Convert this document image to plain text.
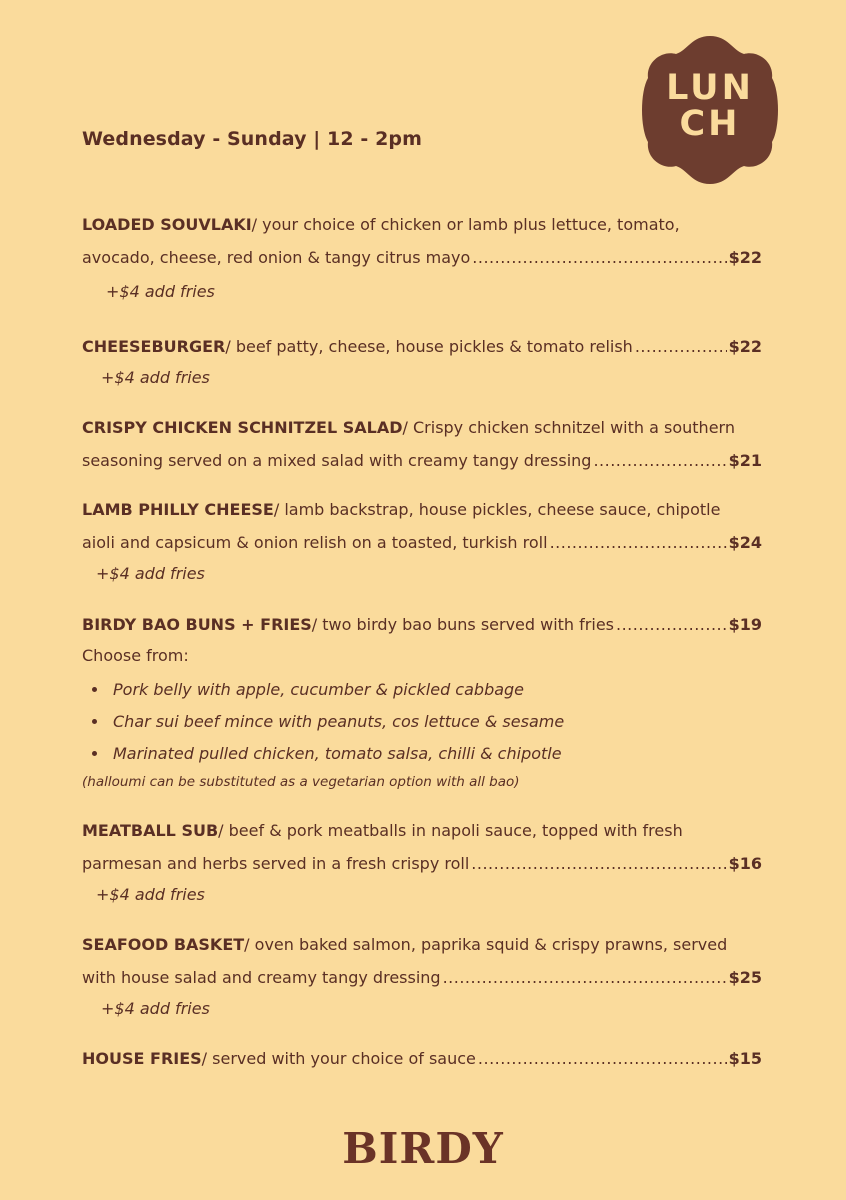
Wednesday - Sunday | 12 - 2pm
LUN
CH
LOADED SOUVLAKI / your choice of chicken or lamb plus lettuce, tomato,
avocado, cheese, red onion & tangy citrus mayo .....	$22
+$4 add fries
CHEESEBURGER / beef patty, cheese, house pickles & tomato relish .....	$22
+$4 add fries
CRISPY CHICKEN SCHNITZEL SALAD / Crispy chicken schnitzel with a southern
seasoning served on a mixed salad with creamy tangy dressing .....	$21
LAMB PHILLY CHEESE / lamb backstrap, house pickles, cheese sauce, chipotle
aioli and capsicum & onion relish on a toasted, turkish roll .....	$24
+$4 add fries
BIRDY BAO BUNS + FRIES / two birdy bao buns served with fries .....	$19
Choose from:
Pork belly with apple, cucumber & pickled cabbage
Char sui beef mince with peanuts, cos lettuce & sesame
Marinated pulled chicken, tomato salsa, chilli & chipotle
(halloumi can be substituted as a vegetarian option with all bao)
MEATBALL SUB / beef & pork meatballs in napoli sauce, topped with fresh
parmesan and herbs served in a fresh crispy roll .....	$16
+$4 add fries
SEAFOOD BASKET / oven baked salmon, paprika squid & crispy prawns, served
with house salad and creamy tangy dressing .....	$25
+$4 add fries
HOUSE FRIES / served with your choice of sauce .....	$15
BIRDY
